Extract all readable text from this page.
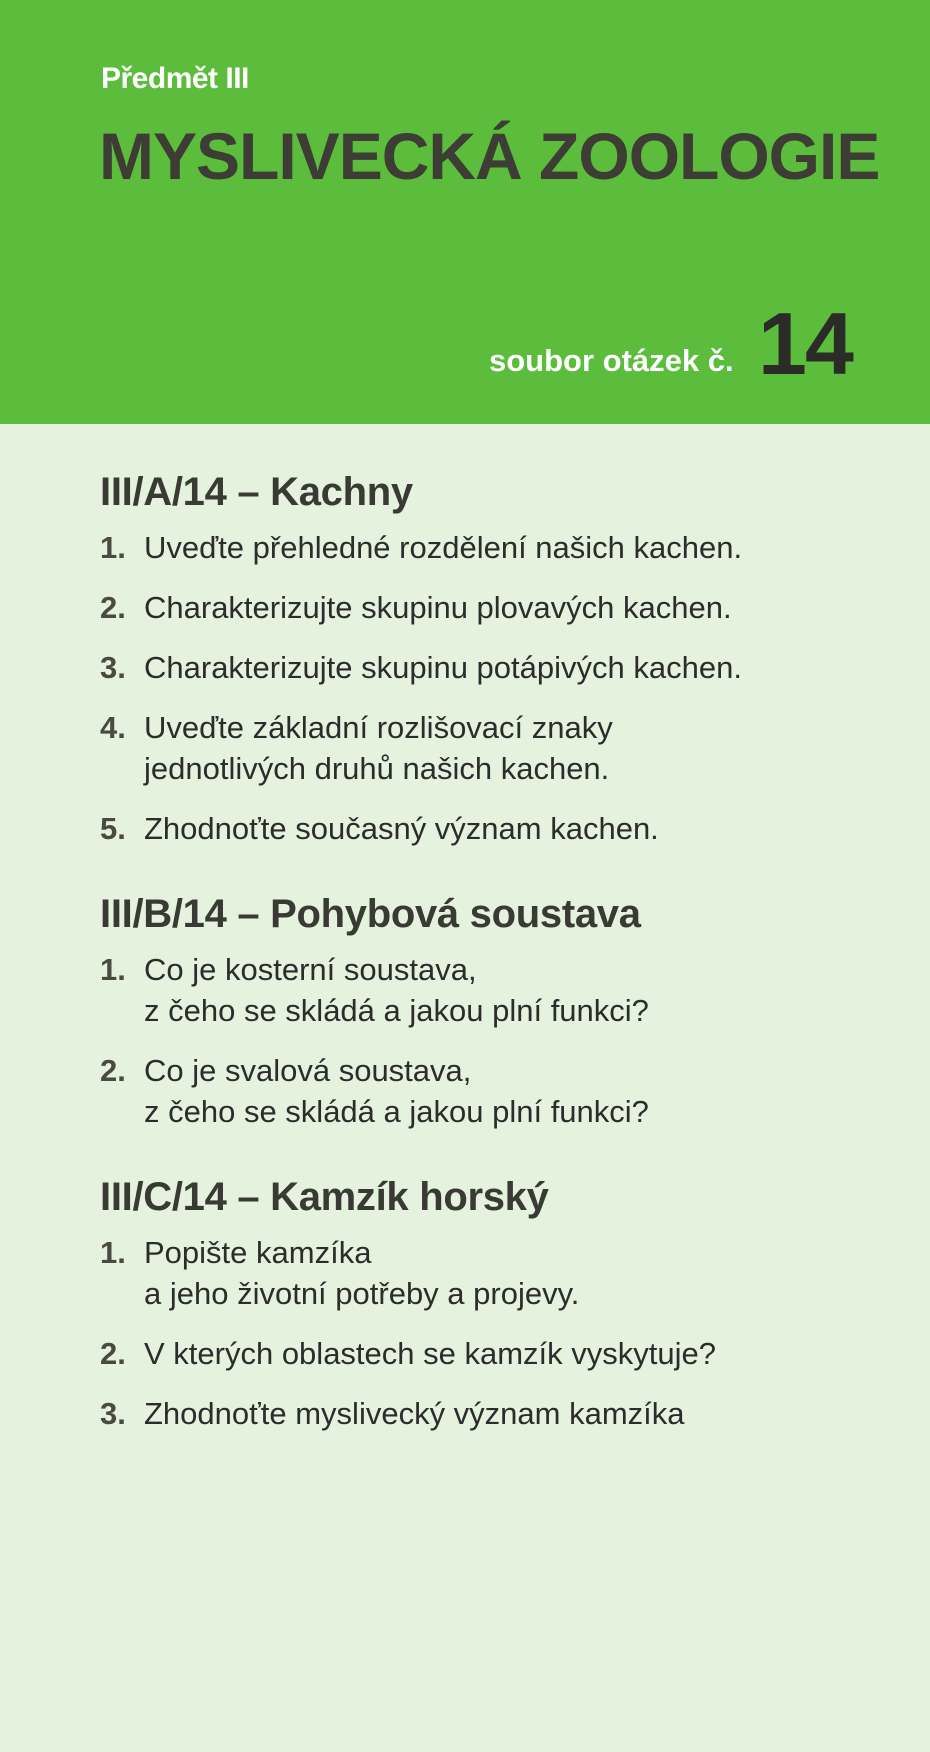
Předmět III
MYSLIVECKÁ ZOOLOGIE
soubor otázek č. 14
III/A/14 – Kachny
1. Uveďte přehledné rozdělení našich kachen.
2. Charakterizujte skupinu plovavých kachen.
3. Charakterizujte skupinu potápivých kachen.
4. Uveďte základní rozlišovací znaky
jednotlivých druhů našich kachen.
5. Zhodnoťte současný význam kachen.
III/B/14 – Pohybová soustava
1. Co je kosterní soustava,
z čeho se skládá a jakou plní funkci?
2. Co je svalová soustava,
z čeho se skládá a jakou plní funkci?
III/C/14 – Kamzík horský
1. Popište kamzíka
a jeho životní potřeby a projevy.
2. V kterých oblastech se kamzík vyskytuje?
3. Zhodnoťte myslivecký význam kamzíka
